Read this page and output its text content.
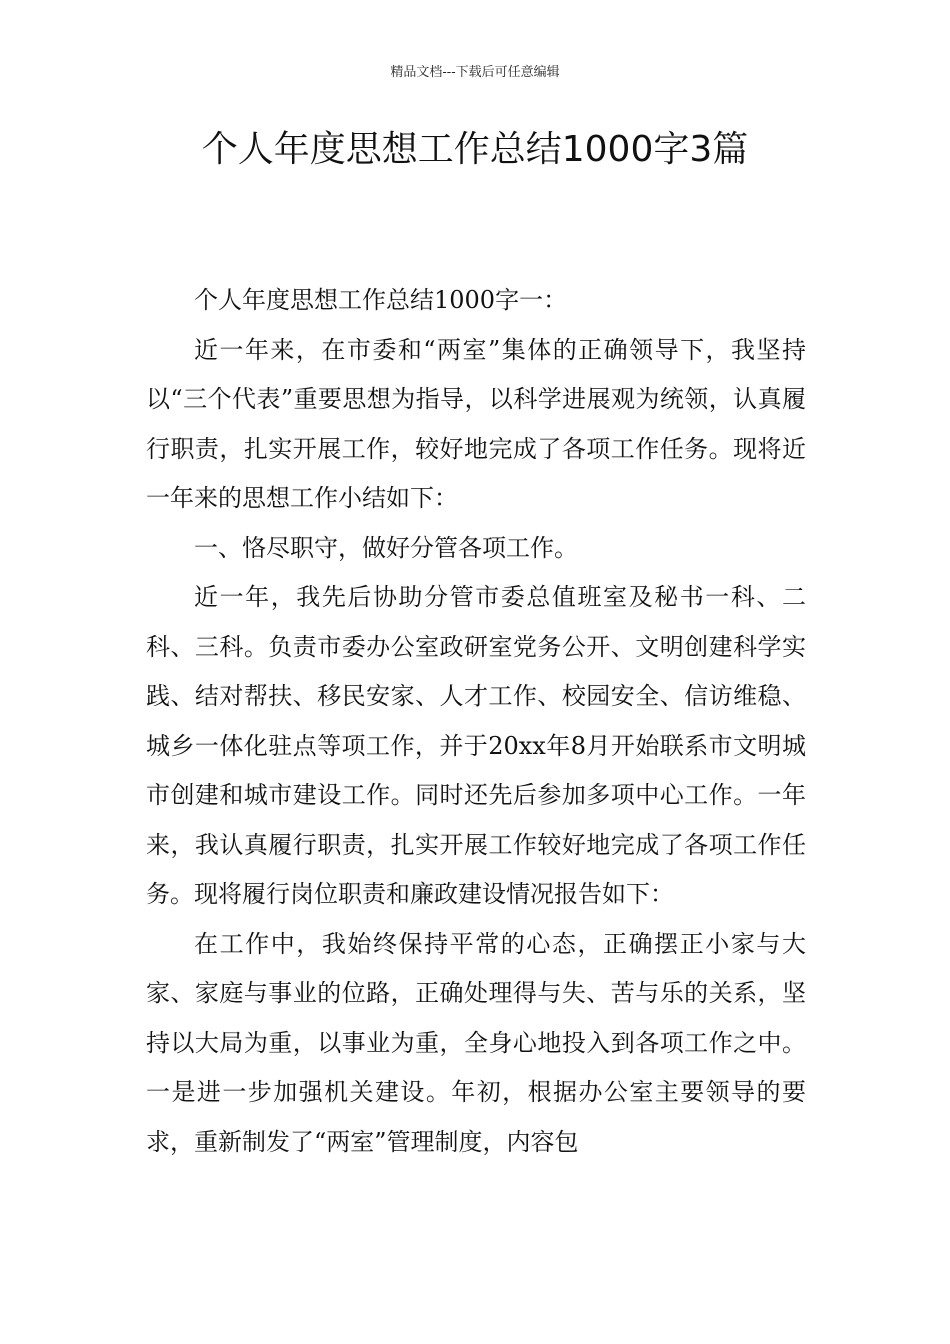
精品文档---下载后可任意编辑
个人年度思想工作总结1000字3篇

个人年度思想工作总结1000字一：

近一年来，在市委和“两室”集体的正确领导下，我坚持以“三个代表”重要思想为指导，以科学进展观为统领，认真履行职责，扎实开展工作，较好地完成了各项工作任务。现将近一年来的思想工作小结如下：

一、恪尽职守，做好分管各项工作。

近一年，我先后协助分管市委总值班室及秘书一科、二科、三科。负责市委办公室政研室党务公开、文明创建科学实践、结对帮扶、移民安家、人才工作、校园安全、信访维稳、城乡一体化驻点等项工作，并于20xx年8月开始联系市文明城市创建和城市建设工作。同时还先后参加多项中心工作。一年来，我认真履行职责，扎实开展工作较好地完成了各项工作任务。现将履行岗位职责和廉政建设情况报告如下：

在工作中，我始终保持平常的心态，正确摆正小家与大家、家庭与事业的位路，正确处理得与失、苦与乐的关系，坚持以大局为重，以事业为重，全身心地投入到各项工作之中。一是进一步加强机关建设。年初，根据办公室主要领导的要求，重新制发了“两室”管理制度，内容包
